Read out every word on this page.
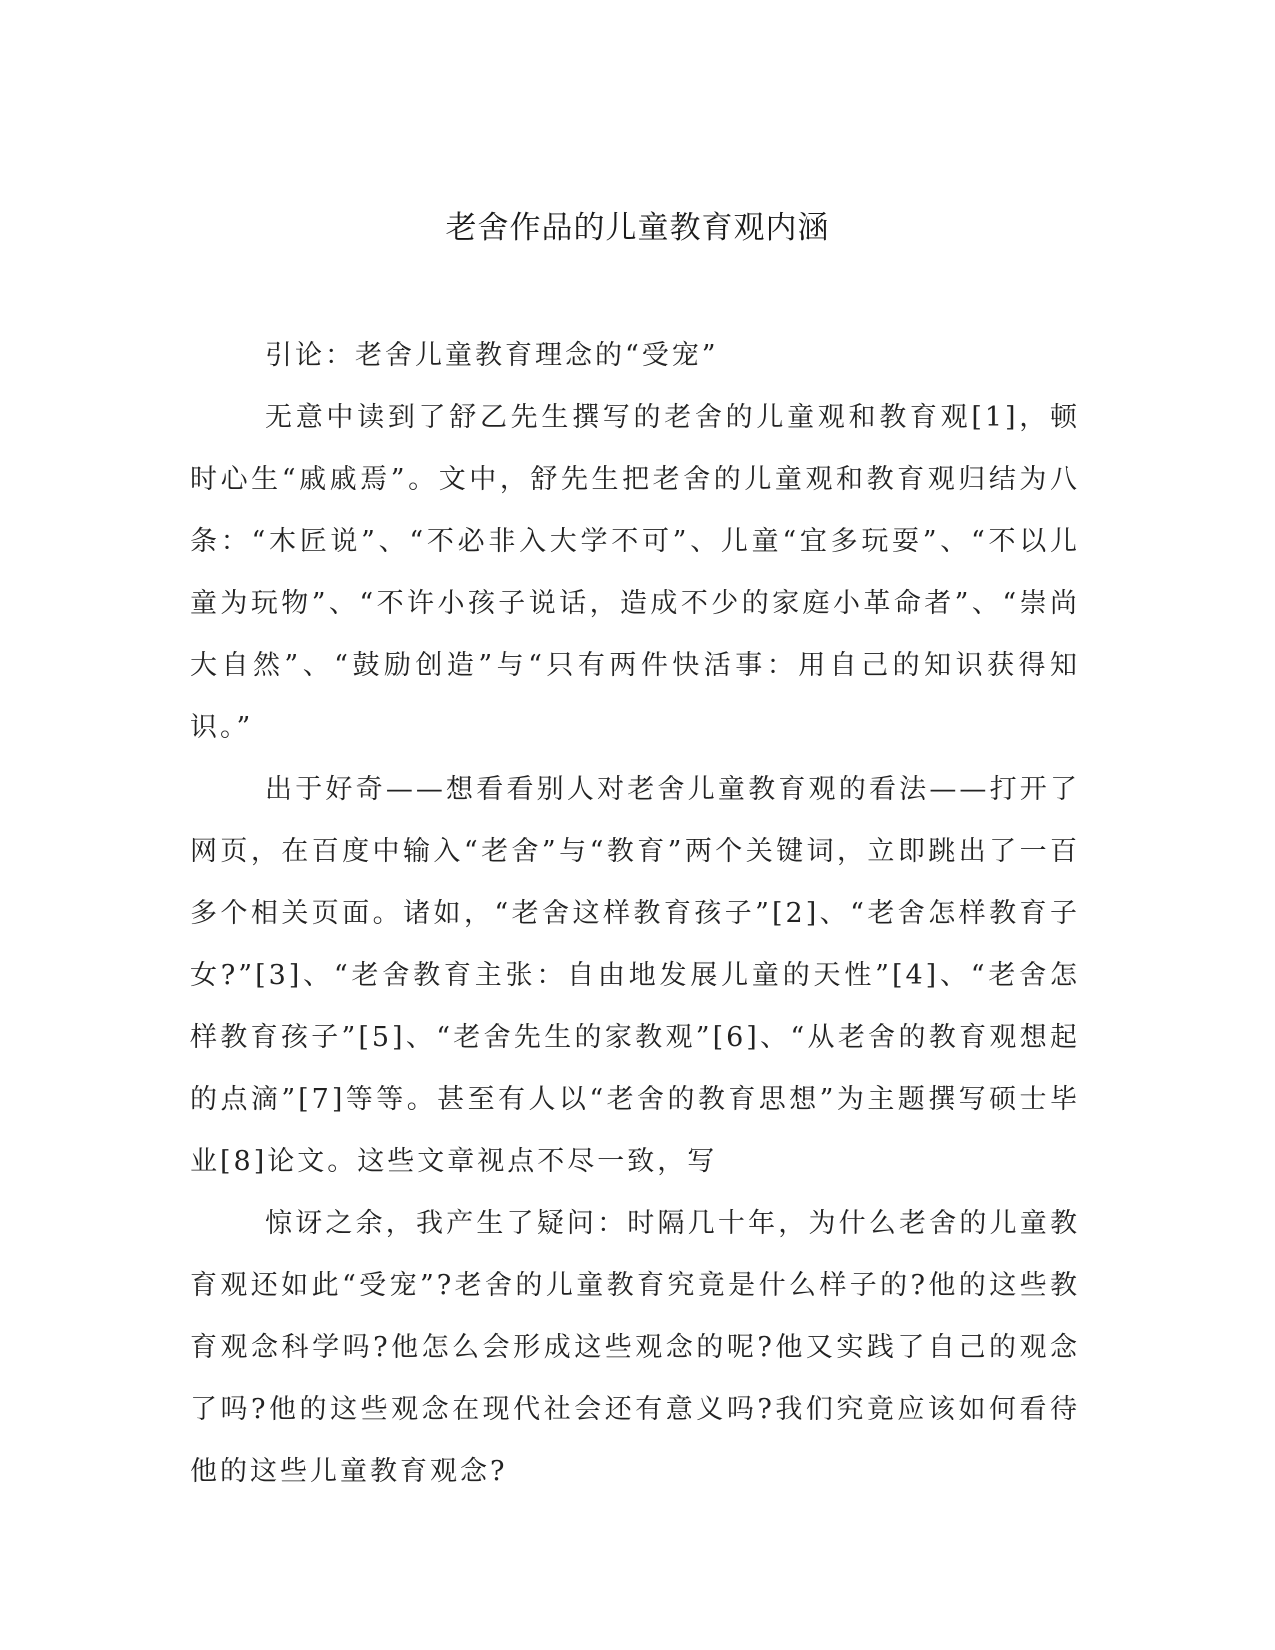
老舍作品的儿童教育观内涵

引论：老舍儿童教育理念的“受宠”

无意中读到了舒乙先生撰写的老舍的儿童观和教育观[1]，顿时心生“戚戚焉”。文中，舒先生把老舍的儿童观和教育观归结为八条：“木匠说”、“不必非入大学不可”、儿童“宜多玩耍”、“不以儿童为玩物”、“不许小孩子说话，造成不少的家庭小革命者”、“崇尚大自然”、“鼓励创造”与“只有两件快活事：用自己的知识获得知识。”

出于好奇——想看看别人对老舍儿童教育观的看法——打开了网页，在百度中输入“老舍”与“教育”两个关键词，立即跳出了一百多个相关页面。诸如，“老舍这样教育孩子”[2]、“老舍怎样教育子女?”[3]、“老舍教育主张：自由地发展儿童的天性”[4]、“老舍怎样教育孩子”[5]、“老舍先生的家教观”[6]、“从老舍的教育观想起的点滴”[7]等等。甚至有人以“老舍的教育思想”为主题撰写硕士毕业[8]论文。这些文章视点不尽一致，写

惊讶之余，我产生了疑问：时隔几十年，为什么老舍的儿童教育观还如此“受宠”?老舍的儿童教育究竟是什么样子的?他的这些教育观念科学吗?他怎么会形成这些观念的呢?他又实践了自己的观念了吗?他的这些观念在现代社会还有意义吗?我们究竟应该如何看待他的这些儿童教育观念?
